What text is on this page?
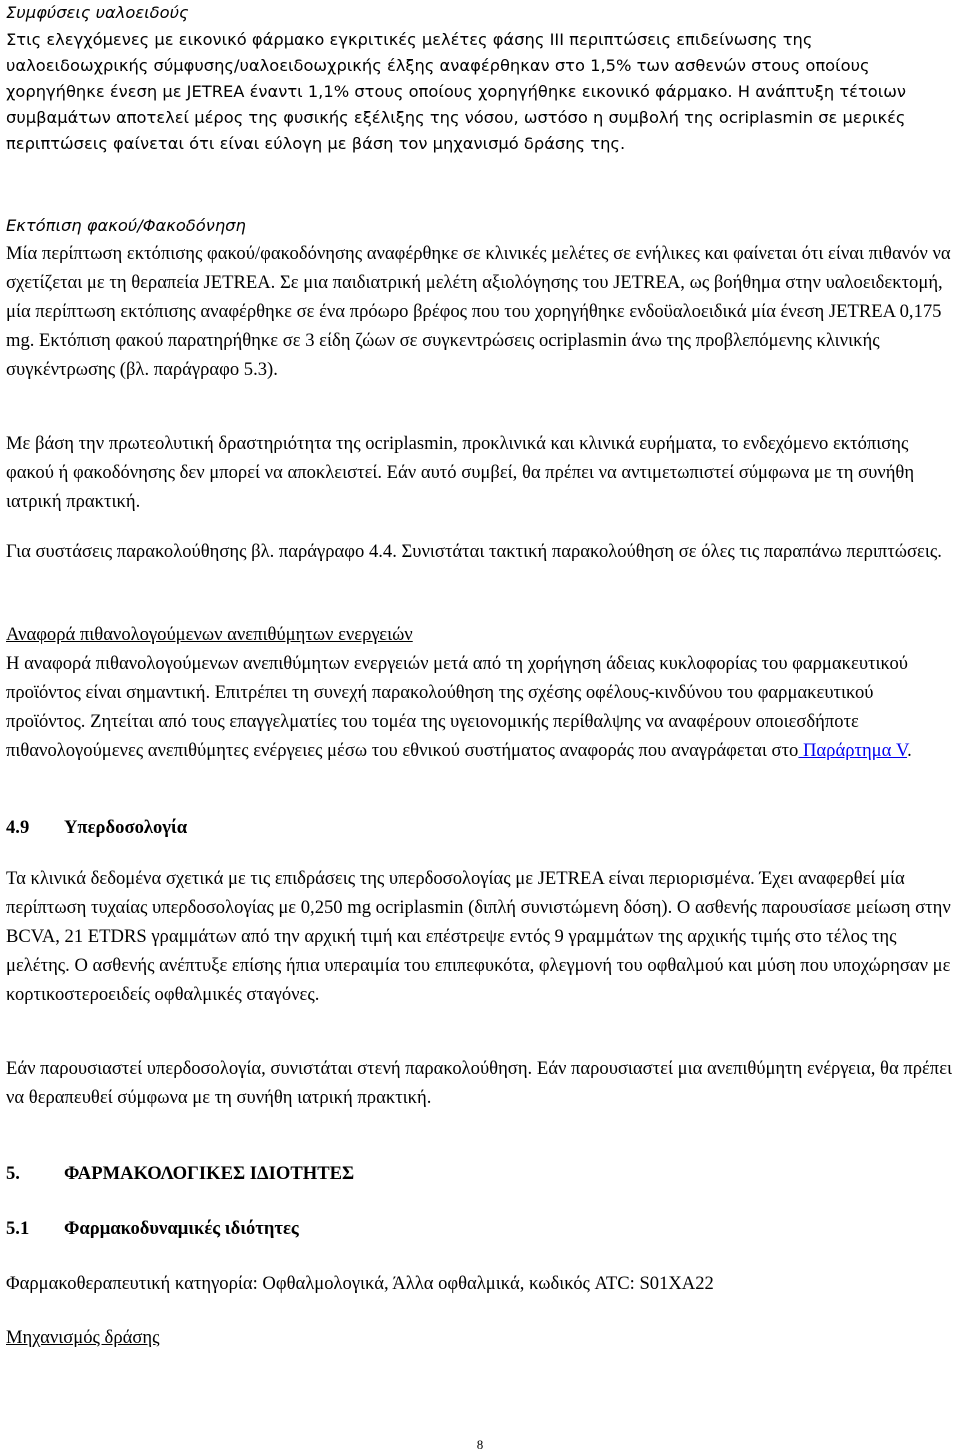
Συμφύσεις υαλοειδούς
Στις ελεγχόμενες με εικονικό φάρμακο εγκριτικές μελέτες φάσης ΙΙΙ περιπτώσεις επιδείνωσης της υαλοειδοωχρικής σύμφυσης/υαλοειδοωχρικής έλξης αναφέρθηκαν στο 1,5% των ασθενών στους οποίους χορηγήθηκε ένεση με JETREA έναντι 1,1% στους οποίους χορηγήθηκε εικονικό φάρμακο. Η ανάπτυξη τέτοιων συμβαμάτων αποτελεί μέρος της φυσικής εξέλιξης της νόσου, ωστόσο η συμβολή της ocriplasmin σε μερικές περιπτώσεις φαίνεται ότι είναι εύλογη με βάση τον μηχανισμό δράσης της.
Εκτόπιση φακού/Φακοδόνηση
Μία περίπτωση εκτόπισης φακού/φακοδόνησης αναφέρθηκε σε κλινικές μελέτες σε ενήλικες και φαίνεται ότι είναι πιθανόν να σχετίζεται με τη θεραπεία JETREA. Σε μια παιδιατρική μελέτη αξιολόγησης του JETREA, ως βοήθημα στην υαλοειδεκτομή, μία περίπτωση εκτόπισης αναφέρθηκε σε ένα πρόωρο βρέφος που του χορηγήθηκε ενδοϋαλοειδικά μία ένεση JETREA 0,175 mg. Εκτόπιση φακού παρατηρήθηκε σε 3 είδη ζώων σε συγκεντρώσεις ocriplasmin άνω της προβλεπόμενης κλινικής συγκέντρωσης (βλ. παράγραφο 5.3).
Με βάση την πρωτεολυτική δραστηριότητα της ocriplasmin, προκλινικά και κλινικά ευρήματα, το ενδεχόμενο εκτόπισης φακού ή φακοδόνησης δεν μπορεί να αποκλειστεί. Εάν αυτό συμβεί, θα πρέπει να αντιμετωπιστεί σύμφωνα με τη συνήθη ιατρική πρακτική.
Για συστάσεις παρακολούθησης βλ. παράγραφο 4.4. Συνιστάται τακτική παρακολούθηση σε όλες τις παραπάνω περιπτώσεις.
Αναφορά πιθανολογούμενων ανεπιθύμητων ενεργειών
Η αναφορά πιθανολογούμενων ανεπιθύμητων ενεργειών μετά από τη χορήγηση άδειας κυκλοφορίας του φαρμακευτικού προϊόντος είναι σημαντική. Επιτρέπει τη συνεχή παρακολούθηση της σχέσης οφέλους-κινδύνου του φαρμακευτικού προϊόντος. Ζητείται από τους επαγγελματίες του τομέα της υγειονομικής περίθαλψης να αναφέρουν οποιεσδήποτε πιθανολογούμενες ανεπιθύμητες ενέργειες μέσω του εθνικού συστήματος αναφοράς που αναγράφεται στο Παράρτημα V.
4.9 Υπερδοσολογία
Τα κλινικά δεδομένα σχετικά με τις επιδράσεις της υπερδοσολογίας με JETREA είναι περιορισμένα. Έχει αναφερθεί μία περίπτωση τυχαίας υπερδοσολογίας με 0,250 mg ocriplasmin (διπλή συνιστώμενη δόση). Ο ασθενής παρουσίασε μείωση στην BCVA, 21 ETDRS γραμμάτων από την αρχική τιμή και επέστρεψε εντός 9 γραμμάτων της αρχικής τιμής στο τέλος της μελέτης. Ο ασθενής ανέπτυξε επίσης ήπια υπεραιμία του επιπεφυκότα, φλεγμονή του οφθαλμού και μύση που υποχώρησαν με κορτικοστεροειδείς οφθαλμικές σταγόνες.
Εάν παρουσιαστεί υπερδοσολογία, συνιστάται στενή παρακολούθηση. Εάν παρουσιαστεί μια ανεπιθύμητη ενέργεια, θα πρέπει να θεραπευθεί σύμφωνα με τη συνήθη ιατρική πρακτική.
5. ΦΑΡΜΑΚΟΛΟΓΙΚΕΣ ΙΔΙΟΤΗΤΕΣ
5.1 Φαρμακοδυναμικές ιδιότητες
Φαρμακοθεραπευτική κατηγορία: Οφθαλμολογικά, Άλλα οφθαλμικά, κωδικός ATC: S01XA22
Μηχανισμός δράσης
8
